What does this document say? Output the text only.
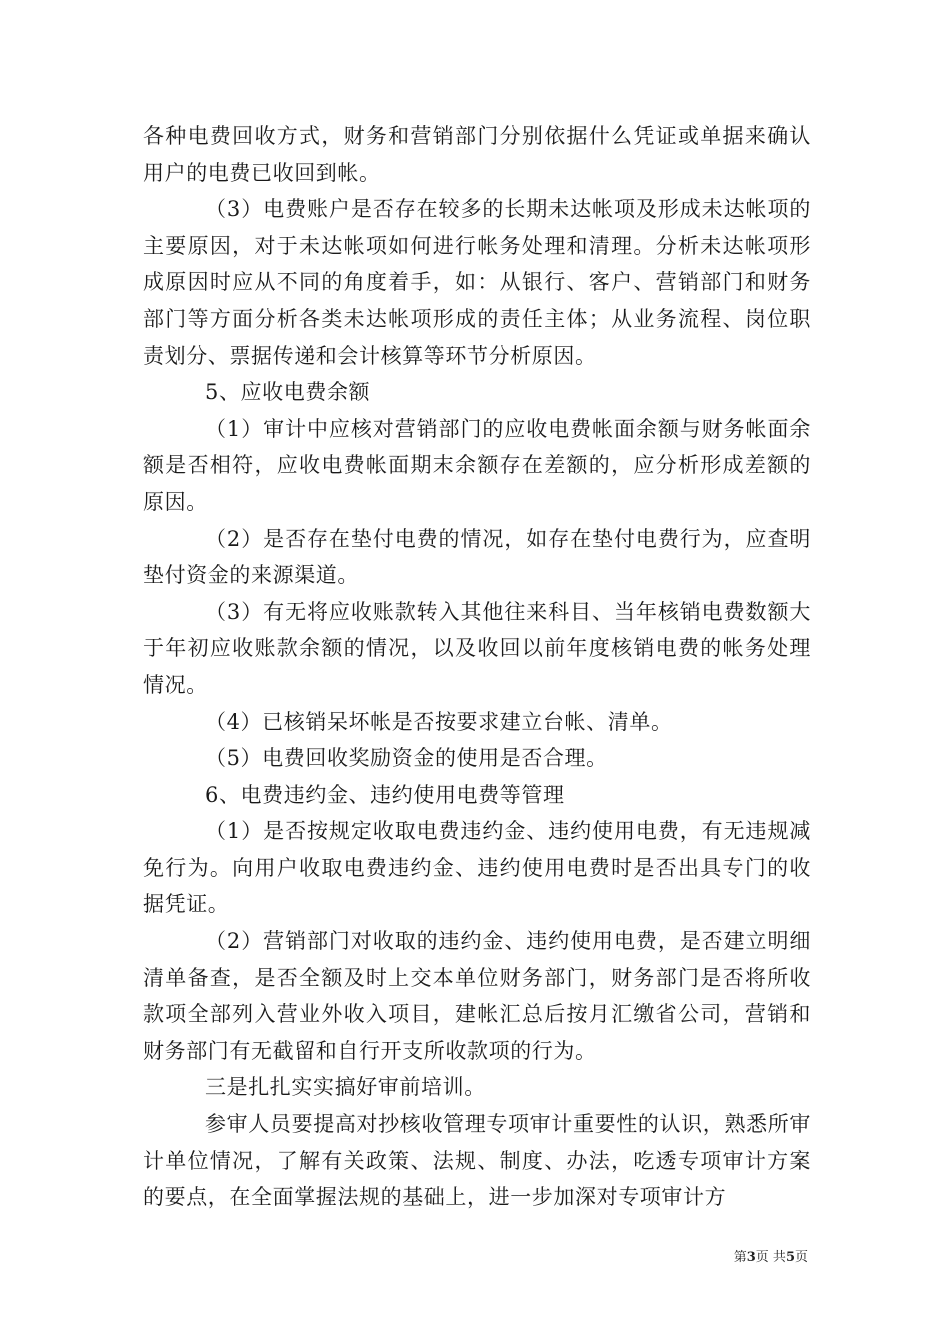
各种电费回收方式，财务和营销部门分别依据什么凭证或单据来确认用户的电费已收回到帐。

（3）电费账户是否存在较多的长期未达帐项及形成未达帐项的主要原因，对于未达帐项如何进行帐务处理和清理。分析未达帐项形成原因时应从不同的角度着手，如：从银行、客户、营销部门和财务部门等方面分析各类未达帐项形成的责任主体；从业务流程、岗位职责划分、票据传递和会计核算等环节分析原因。

5、应收电费余额

（1）审计中应核对营销部门的应收电费帐面余额与财务帐面余额是否相符，应收电费帐面期末余额存在差额的，应分析形成差额的原因。

（2）是否存在垫付电费的情况，如存在垫付电费行为，应查明垫付资金的来源渠道。

（3）有无将应收账款转入其他往来科目、当年核销电费数额大于年初应收账款余额的情况，以及收回以前年度核销电费的帐务处理情况。

（4）已核销呆坏帐是否按要求建立台帐、清单。

（5）电费回收奖励资金的使用是否合理。

6、电费违约金、违约使用电费等管理

（1）是否按规定收取电费违约金、违约使用电费，有无违规减免行为。向用户收取电费违约金、违约使用电费时是否出具专门的收据凭证。

（2）营销部门对收取的违约金、违约使用电费，是否建立明细清单备查，是否全额及时上交本单位财务部门，财务部门是否将所收款项全部列入营业外收入项目，建帐汇总后按月汇缴省公司，营销和财务部门有无截留和自行开支所收款项的行为。

三是扎扎实实搞好审前培训。

参审人员要提高对抄核收管理专项审计重要性的认识，熟悉所审计单位情况，了解有关政策、法规、制度、办法，吃透专项审计方案的要点，在全面掌握法规的基础上，进一步加深对专项审计方

第3页 共5页
